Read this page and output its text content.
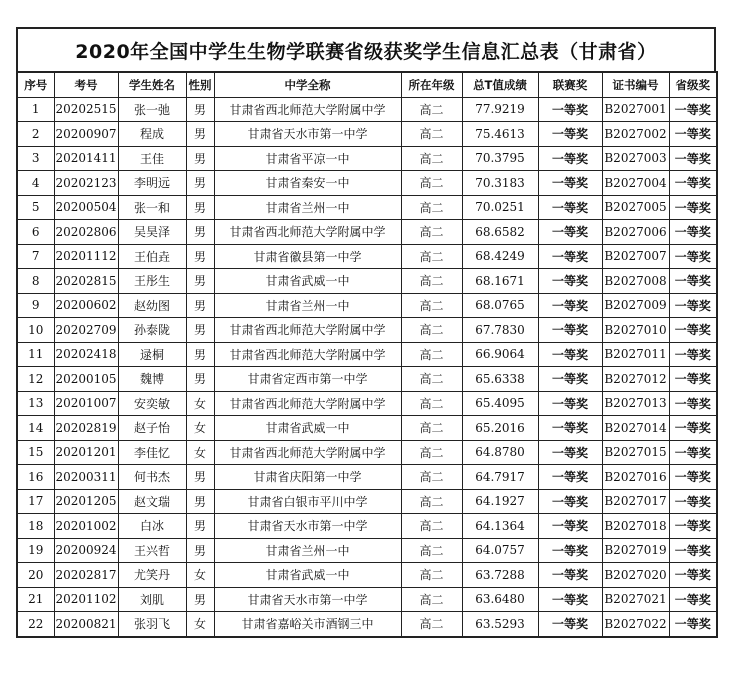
2020年全国中学生生物学联赛省级获奖学生信息汇总表（甘肃省）
序号	考号	学生姓名	性别	中学全称	所在年级	总T值成绩	联赛奖	证书编号	省级奖
1	20202515	张一弛	男	甘肃省西北师范大学附属中学	高二	77.9219	一等奖	B2027001	一等奖
2	20200907	程成	男	甘肃省天水市第一中学	高二	75.4613	一等奖	B2027002	一等奖
3	20201411	王佳	男	甘肃省平凉一中	高二	70.3795	一等奖	B2027003	一等奖
4	20202123	李明远	男	甘肃省秦安一中	高二	70.3183	一等奖	B2027004	一等奖
5	20200504	张一和	男	甘肃省兰州一中	高二	70.0251	一等奖	B2027005	一等奖
6	20202806	吴昊泽	男	甘肃省西北师范大学附属中学	高二	68.6582	一等奖	B2027006	一等奖
7	20201112	王伯垚	男	甘肃省徽县第一中学	高二	68.4249	一等奖	B2027007	一等奖
8	20202815	王彤生	男	甘肃省武威一中	高二	68.1671	一等奖	B2027008	一等奖
9	20200602	赵幼图	男	甘肃省兰州一中	高二	68.0765	一等奖	B2027009	一等奖
10	20202709	孙泰陇	男	甘肃省西北师范大学附属中学	高二	67.7830	一等奖	B2027010	一等奖
11	20202418	逯桐	男	甘肃省西北师范大学附属中学	高二	66.9064	一等奖	B2027011	一等奖
12	20200105	魏博	男	甘肃省定西市第一中学	高二	65.6338	一等奖	B2027012	一等奖
13	20201007	安奕敏	女	甘肃省西北师范大学附属中学	高二	65.4095	一等奖	B2027013	一等奖
14	20202819	赵子怡	女	甘肃省武威一中	高二	65.2016	一等奖	B2027014	一等奖
15	20201201	李佳忆	女	甘肃省西北师范大学附属中学	高二	64.8780	一等奖	B2027015	一等奖
16	20200311	何书杰	男	甘肃省庆阳第一中学	高二	64.7917	一等奖	B2027016	一等奖
17	20201205	赵文瑞	男	甘肃省白银市平川中学	高二	64.1927	一等奖	B2027017	一等奖
18	20201002	白冰	男	甘肃省天水市第一中学	高二	64.1364	一等奖	B2027018	一等奖
19	20200924	王兴哲	男	甘肃省兰州一中	高二	64.0757	一等奖	B2027019	一等奖
20	20202817	尤笑丹	女	甘肃省武威一中	高二	63.7288	一等奖	B2027020	一等奖
21	20201102	刘肌	男	甘肃省天水市第一中学	高二	63.6480	一等奖	B2027021	一等奖
22	20200821	张羽飞	女	甘肃省嘉峪关市酒钢三中	高二	63.5293	一等奖	B2027022	一等奖
